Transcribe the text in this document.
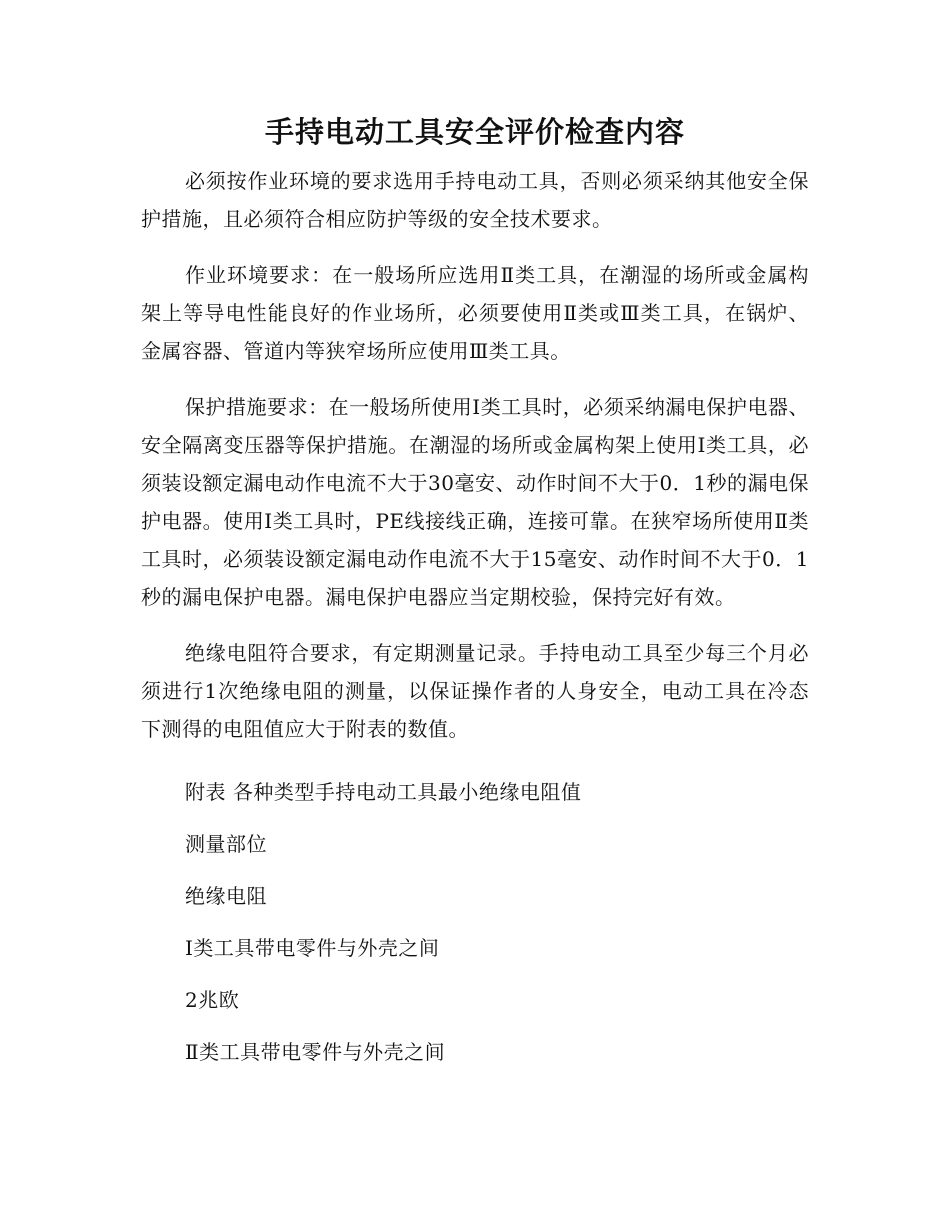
手持电动工具安全评价检查内容

必须按作业环境的要求选用手持电动工具，否则必须采纳其他安全保护措施，且必须符合相应防护等级的安全技术要求。

作业环境要求：在一般场所应选用Ⅱ类工具，在潮湿的场所或金属构架上等导电性能良好的作业场所，必须要使用Ⅱ类或Ⅲ类工具，在锅炉、金属容器、管道内等狭窄场所应使用Ⅲ类工具。

保护措施要求：在一般场所使用Ⅰ类工具时，必须采纳漏电保护电器、安全隔离变压器等保护措施。在潮湿的场所或金属构架上使用Ⅰ类工具，必须装设额定漏电动作电流不大于30毫安、动作时间不大于0．1秒的漏电保护电器。使用Ⅰ类工具时，PE线接线正确，连接可靠。在狭窄场所使用Ⅱ类工具时，必须装设额定漏电动作电流不大于15毫安、动作时间不大于0．1秒的漏电保护电器。漏电保护电器应当定期校验，保持完好有效。

绝缘电阻符合要求，有定期测量记录。手持电动工具至少每三个月必须进行1次绝缘电阻的测量，以保证操作者的人身安全，电动工具在冷态下测得的电阻值应大于附表的数值。

附表 各种类型手持电动工具最小绝缘电阻值
测量部位
绝缘电阻
Ⅰ类工具带电零件与外壳之间
2兆欧
Ⅱ类工具带电零件与外壳之间
